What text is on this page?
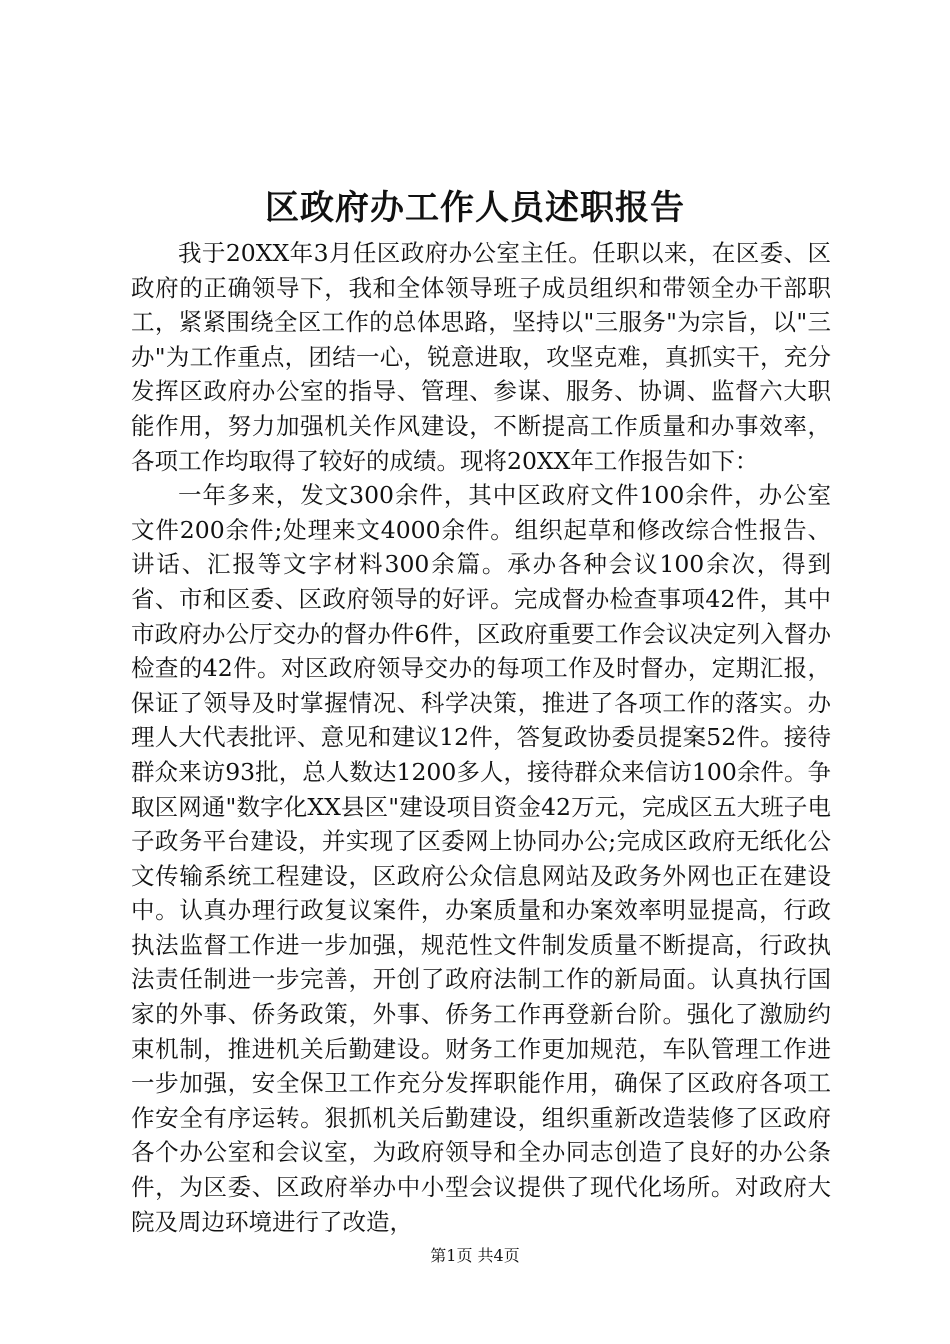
区政府办工作人员述职报告

我于20XX年3月任区政府办公室主任。任职以来，在区委、区政府的正确领导下，我和全体领导班子成员组织和带领全办干部职工，紧紧围绕全区工作的总体思路，坚持以"三服务"为宗旨，以"三办"为工作重点，团结一心，锐意进取，攻坚克难，真抓实干，充分发挥区政府办公室的指导、管理、参谋、服务、协调、监督六大职能作用，努力加强机关作风建设，不断提高工作质量和办事效率，各项工作均取得了较好的成绩。现将20XX年工作报告如下：

一年多来，发文300余件，其中区政府文件100余件，办公室文件200余件;处理来文4000余件。组织起草和修改综合性报告、讲话、汇报等文字材料300余篇。承办各种会议100余次，得到省、市和区委、区政府领导的好评。完成督办检查事项42件，其中市政府办公厅交办的督办件6件，区政府重要工作会议决定列入督办检查的42件。对区政府领导交办的每项工作及时督办，定期汇报，保证了领导及时掌握情况、科学决策，推进了各项工作的落实。办理人大代表批评、意见和建议12件，答复政协委员提案52件。接待群众来访93批，总人数达1200多人，接待群众来信访100余件。争取区网通"数字化XX县区"建设项目资金42万元，完成区五大班子电子政务平台建设，并实现了区委网上协同办公;完成区政府无纸化公文传输系统工程建设，区政府公众信息网站及政务外网也正在建设中。认真办理行政复议案件，办案质量和办案效率明显提高，行政执法监督工作进一步加强，规范性文件制发质量不断提高，行政执法责任制进一步完善，开创了政府法制工作的新局面。认真执行国家的外事、侨务政策，外事、侨务工作再登新台阶。强化了激励约束机制，推进机关后勤建设。财务工作更加规范，车队管理工作进一步加强，安全保卫工作充分发挥职能作用，确保了区政府各项工作安全有序运转。狠抓机关后勤建设，组织重新改造装修了区政府各个办公室和会议室，为政府领导和全办同志创造了良好的办公条件，为区委、区政府举办中小型会议提供了现代化场所。对政府大院及周边环境进行了改造，

第1页 共4页
